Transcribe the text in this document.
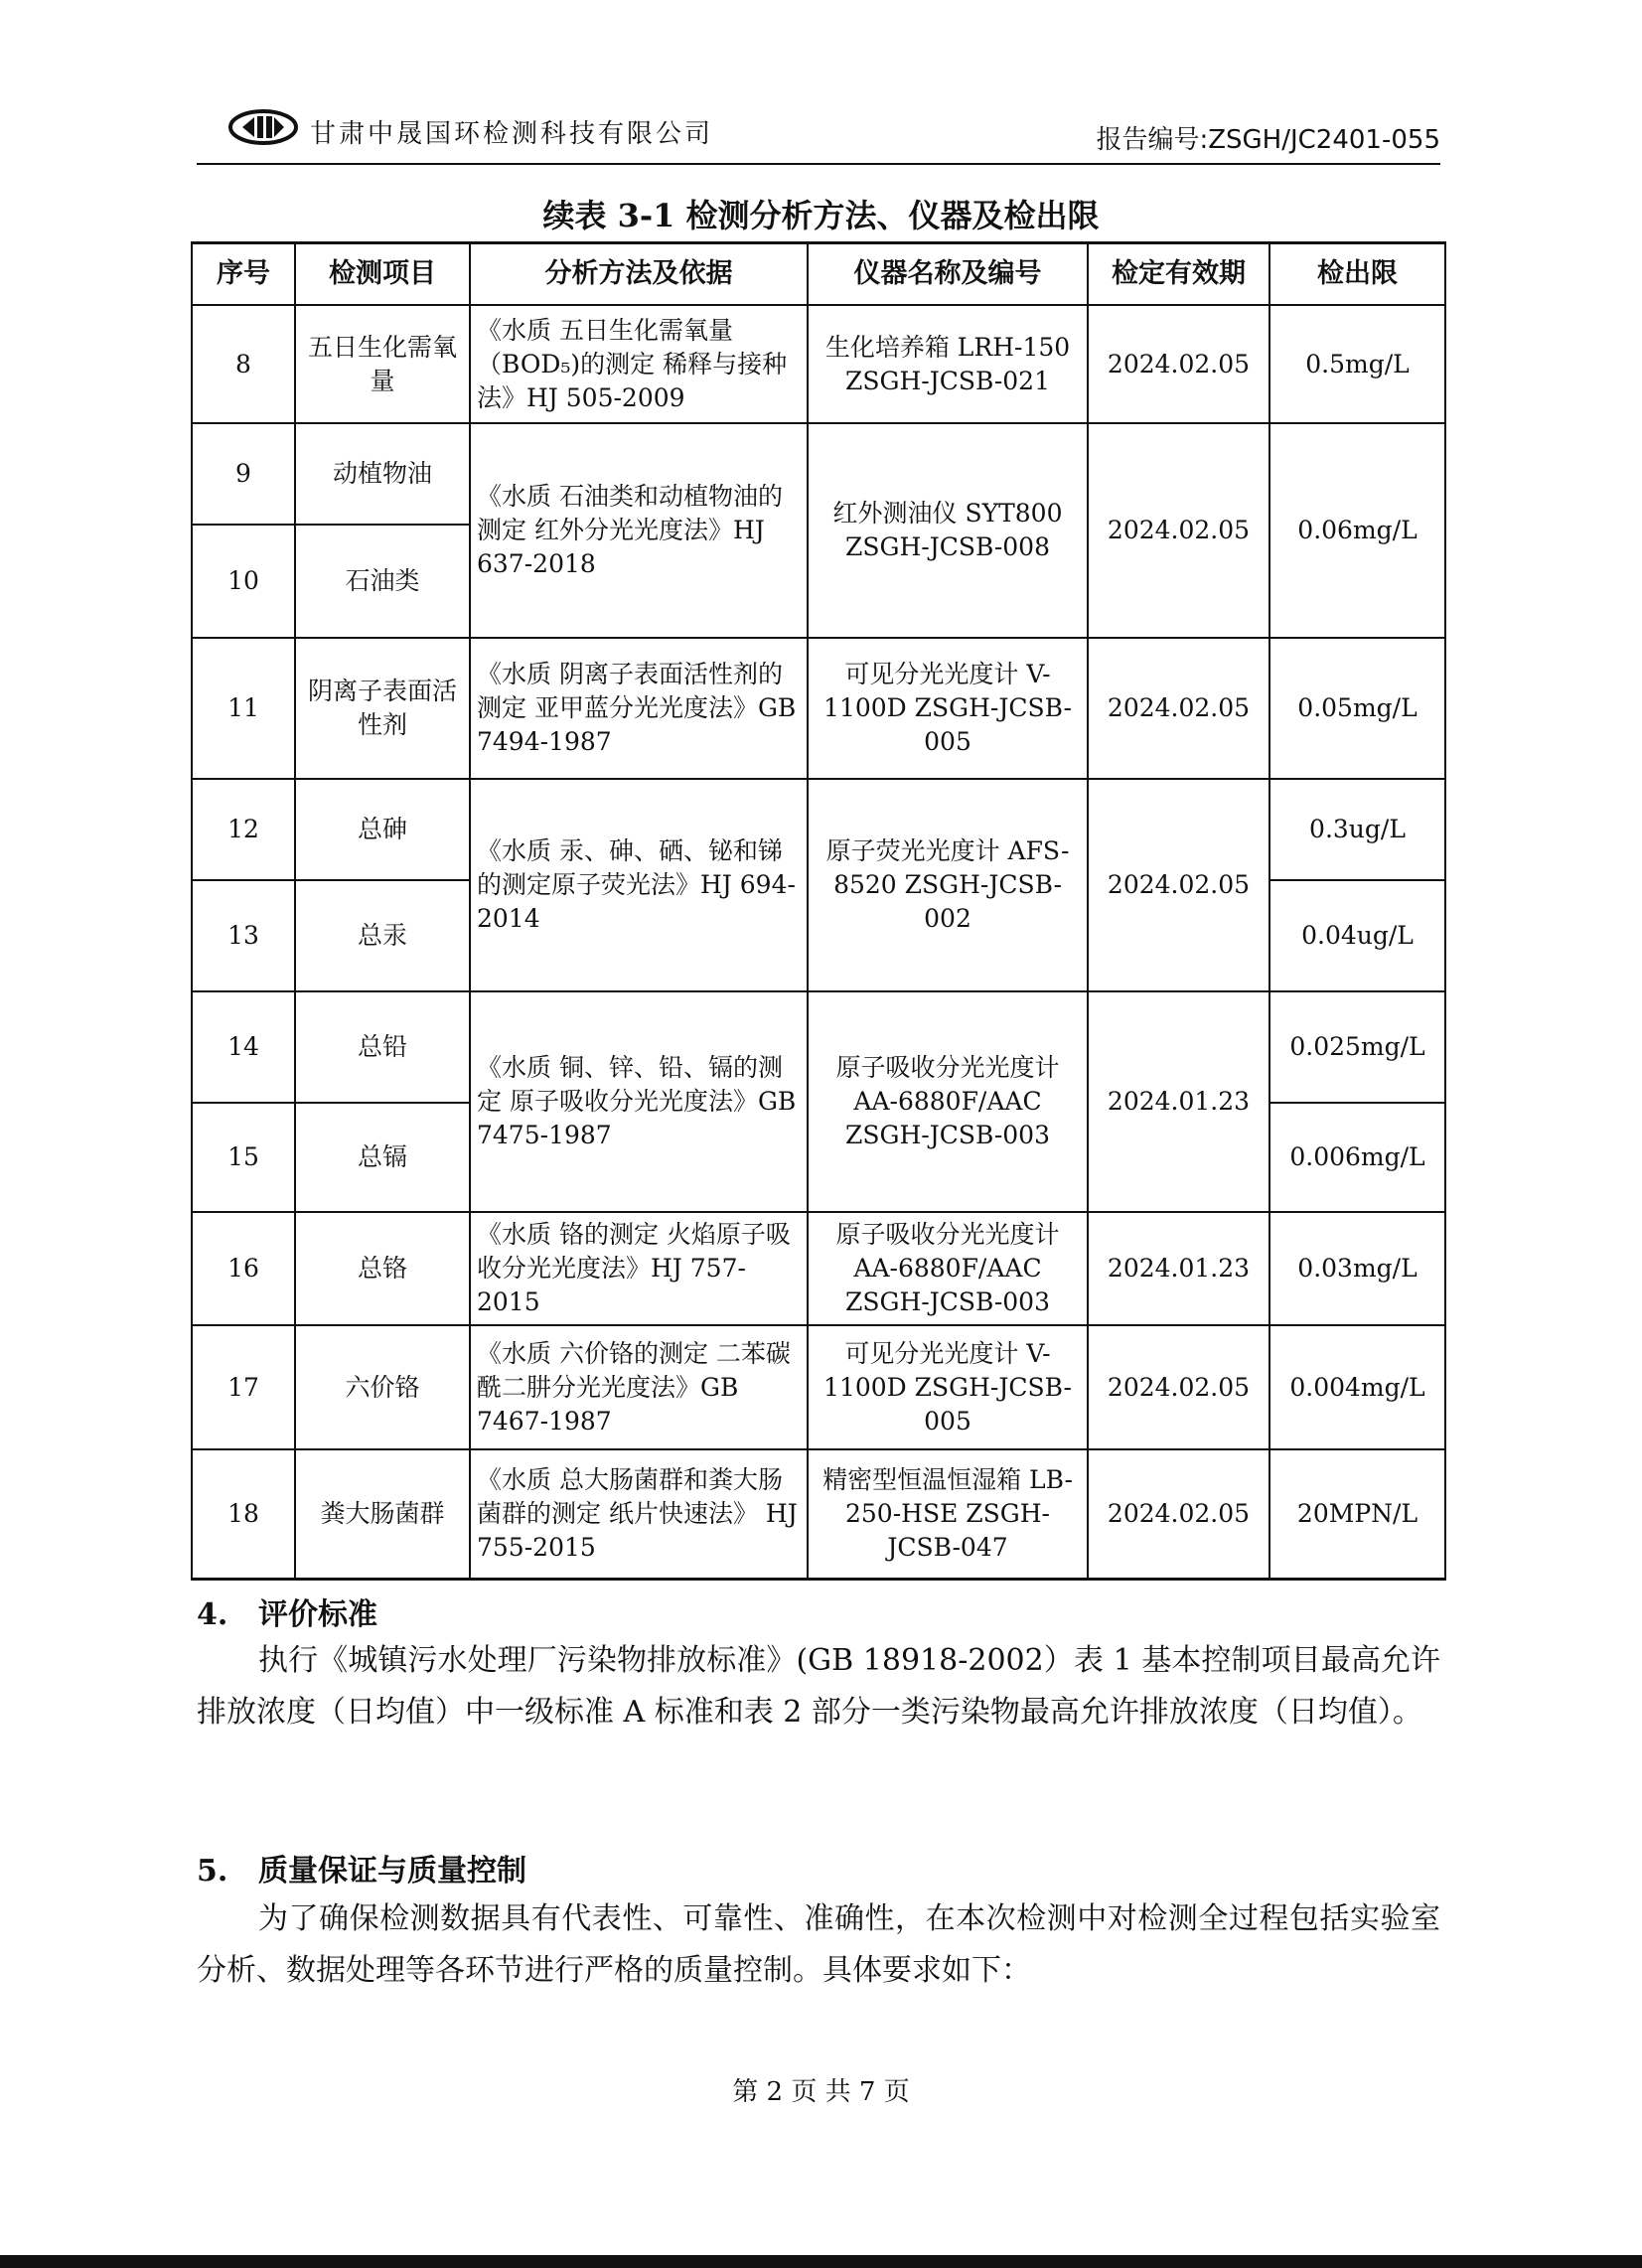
甘肃中晟国环检测科技有限公司	报告编号:ZSGH/JC2401-055
续表 3-1 检测分析方法、仪器及检出限
序号	检测项目	分析方法及依据	仪器名称及编号	检定有效期	检出限
8	五日生化需氧量	《水质 五日生化需氧量（BOD₅)的测定 稀释与接种法》HJ 505-2009	生化培养箱 LRH-150 ZSGH-JCSB-021	2024.02.05	0.5mg/L
9	动植物油	《水质 石油类和动植物油的测定 红外分光光度法》HJ 637-2018	红外测油仪 SYT800 ZSGH-JCSB-008	2024.02.05	0.06mg/L
10	石油类				
11	阴离子表面活性剂	《水质 阴离子表面活性剂的测定 亚甲蓝分光光度法》GB 7494-1987	可见分光光度计 V-1100D ZSGH-JCSB-005	2024.02.05	0.05mg/L
12	总砷	《水质 汞、砷、硒、铋和锑的测定原子荧光法》HJ 694-2014	原子荧光光度计 AFS-8520 ZSGH-JCSB-002	2024.02.05	0.3ug/L
13	总汞				0.04ug/L
14	总铅	《水质 铜、锌、铅、镉的测定 原子吸收分光光度法》GB 7475-1987	原子吸收分光光度计 AA-6880F/AAC ZSGH-JCSB-003	2024.01.23	0.025mg/L
15	总镉				0.006mg/L
16	总铬	《水质 铬的测定 火焰原子吸收分光光度法》HJ 757-2015	原子吸收分光光度计 AA-6880F/AAC ZSGH-JCSB-003	2024.01.23	0.03mg/L
17	六价铬	《水质 六价铬的测定 二苯碳酰二肼分光光度法》GB 7467-1987	可见分光光度计 V-1100D ZSGH-JCSB-005	2024.02.05	0.004mg/L
18	粪大肠菌群	《水质 总大肠菌群和粪大肠菌群的测定 纸片快速法》 HJ 755-2015	精密型恒温恒湿箱 LB-250-HSE ZSGH-JCSB-047	2024.02.05	20MPN/L
4. 评价标准
执行《城镇污水处理厂污染物排放标准》(GB 18918-2002）表 1 基本控制项目最高允许排放浓度（日均值）中一级标准 A 标准和表 2 部分一类污染物最高允许排放浓度（日均值）。
5. 质量保证与质量控制
为了确保检测数据具有代表性、可靠性、准确性，在本次检测中对检测全过程包括实验室分析、数据处理等各环节进行严格的质量控制。具体要求如下：
第 2 页 共 7 页
